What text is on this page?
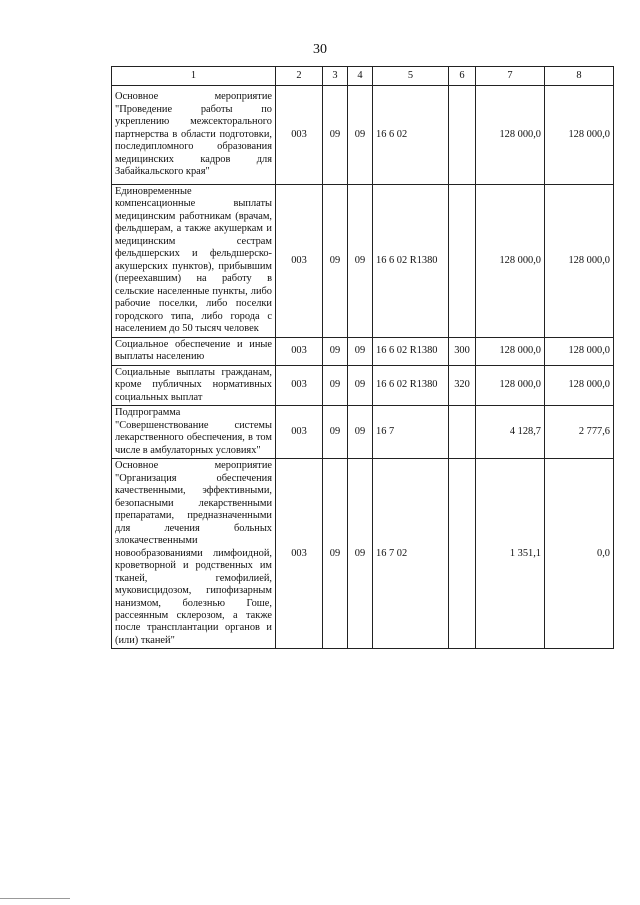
30
1	2	3	4	5	6	7	8
Основное мероприятие "Проведение работы по укреплению межсекторального партнерства в области подготовки, последипломного образования медицинских кадров для Забайкальского края"	003	09	09	16 6 02		128 000,0	128 000,0
Единовременные компенсационные выплаты медицинским работникам (врачам, фельдшерам, а также акушеркам и медицинским сестрам фельдшерских и фельдшерско-акушерских пунктов), прибывшим (переехавшим) на работу в сельские населенные пункты, либо рабочие поселки, либо поселки городского типа, либо города с населением до 50 тысяч человек	003	09	09	16 6 02 R1380		128 000,0	128 000,0
Социальное обеспечение и иные выплаты населению	003	09	09	16 6 02 R1380	300	128 000,0	128 000,0
Социальные выплаты гражданам, кроме публичных нормативных социальных выплат	003	09	09	16 6 02 R1380	320	128 000,0	128 000,0
Подпрограмма "Совершенствование системы лекарственного обеспечения, в том числе в амбулаторных условиях"	003	09	09	16 7		4 128,7	2 777,6
Основное мероприятие "Организация обеспечения качественными, эффективными, безопасными лекарственными препаратами, предназначенными для лечения больных злокачественными новообразованиями лимфоидной, кроветворной и родственных им тканей, гемофилией, муковисцидозом, гипофизарным нанизмом, болезнью Гоше, рассеянным склерозом, а также после трансплантации органов и (или) тканей"	003	09	09	16 7 02		1 351,1	0,0
